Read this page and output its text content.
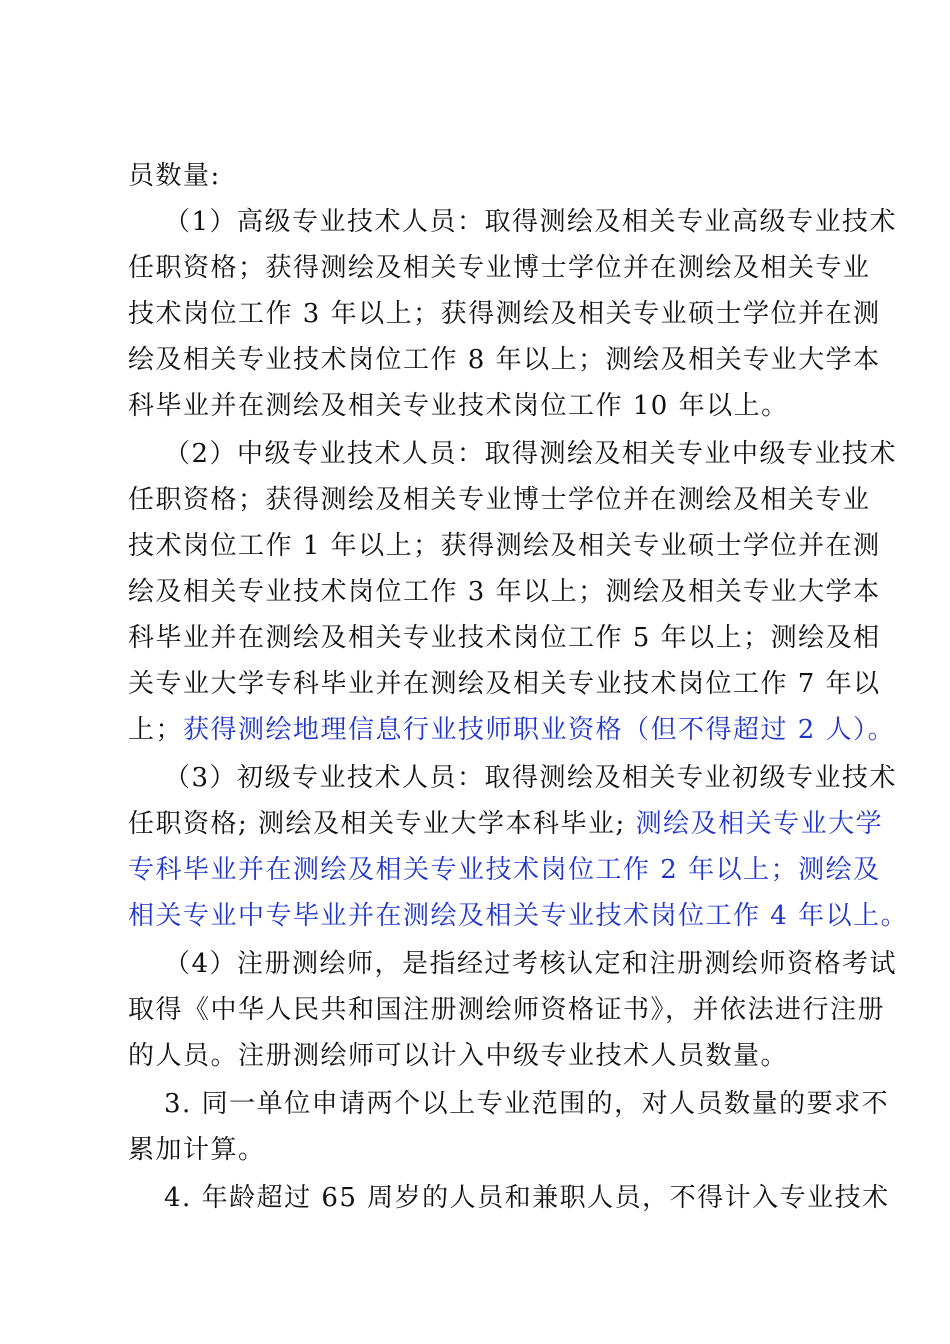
员数量:
（1）高级专业技术人员：取得测绘及相关专业高级专业技术
任职资格；获得测绘及相关专业博士学位并在测绘及相关专业
技术岗位工作 3 年以上；获得测绘及相关专业硕士学位并在测
绘及相关专业技术岗位工作 8 年以上；测绘及相关专业大学本
科毕业并在测绘及相关专业技术岗位工作 10 年以上。
（2）中级专业技术人员：取得测绘及相关专业中级专业技术
任职资格；获得测绘及相关专业博士学位并在测绘及相关专业
技术岗位工作 1 年以上；获得测绘及相关专业硕士学位并在测
绘及相关专业技术岗位工作 3 年以上；测绘及相关专业大学本
科毕业并在测绘及相关专业技术岗位工作 5 年以上；测绘及相
关专业大学专科毕业并在测绘及相关专业技术岗位工作 7 年以
上；获得测绘地理信息行业技师职业资格（但不得超过 2 人）。
（3）初级专业技术人员：取得测绘及相关专业初级专业技术
任职资格; 测绘及相关专业大学本科毕业; 测绘及相关专业大学
专科毕业并在测绘及相关专业技术岗位工作 2 年以上；测绘及
相关专业中专毕业并在测绘及相关专业技术岗位工作 4 年以上。
（4）注册测绘师，是指经过考核认定和注册测绘师资格考试
取得《中华人民共和国注册测绘师资格证书》，并依法进行注册
的人员。注册测绘师可以计入中级专业技术人员数量。
3. 同一单位申请两个以上专业范围的，对人员数量的要求不
累加计算。
4. 年龄超过 65 周岁的人员和兼职人员，不得计入专业技术
